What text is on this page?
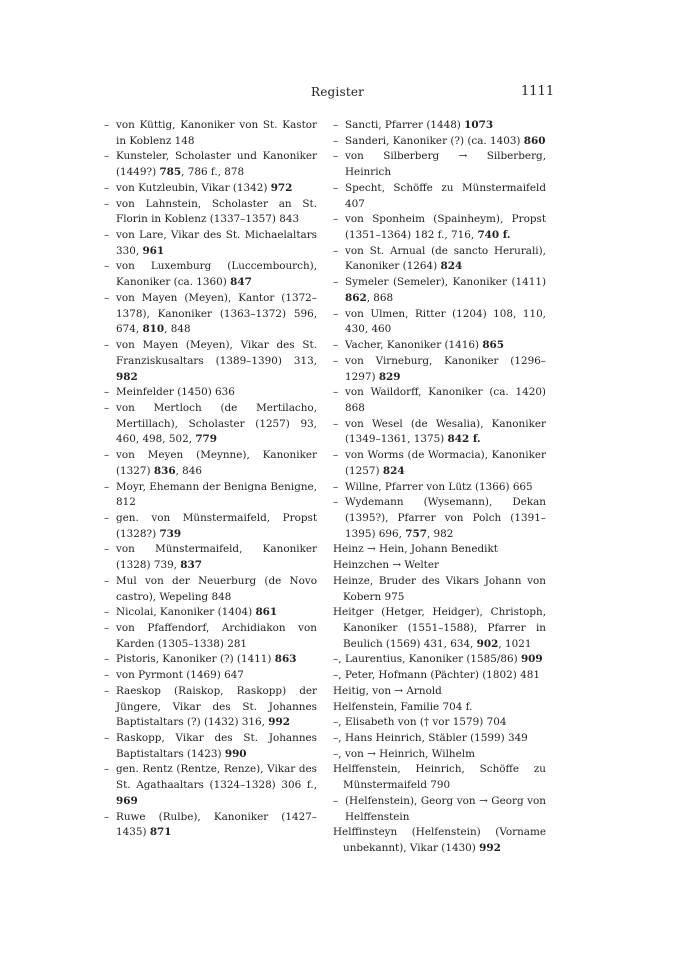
Register	1111
– von Küttig, Kanoniker von St. Kastor in Koblenz 148
– Kunsteler, Scholaster und Kanoniker (1449?) 785, 786 f., 878
– von Kutzleubin, Vikar (1342) 972
– von Lahnstein, Scholaster an St. Florin in Koblenz (1337–1357) 843
– von Lare, Vikar des St. Michaelaltars 330, 961
– von Luxemburg (Luccembourch), Kanoniker (ca. 1360) 847
– von Mayen (Meyen), Kantor (1372–1378), Kanoniker (1363–1372) 596, 674, 810, 848
– von Mayen (Meyen), Vikar des St. Franziskusaltars (1389–1390) 313, 982
– Meinfelder (1450) 636
– von Mertloch (de Mertilacho, Mertillach), Scholaster (1257) 93, 460, 498, 502, 779
– von Meyen (Meynne), Kanoniker (1327) 836, 846
– Moyr, Ehemann der Benigna Benigne, 812
– gen. von Münstermaifeld, Propst (1328?) 739
– von Münstermaifeld, Kanoniker (1328) 739, 837
– Mul von der Neuerburg (de Novo castro), Wepeling 848
– Nicolai, Kanoniker (1404) 861
– von Pfaffendorf, Archidiakon von Karden (1305–1338) 281
– Pistoris, Kanoniker (?) (1411) 863
– von Pyrmont (1469) 647
– Raeskop (Raiskop, Raskopp) der Jüngere, Vikar des St. Johannes Baptistaltars (?) (1432) 316, 992
– Raskopp, Vikar des St. Johannes Baptistaltars (1423) 990
– gen. Rentz (Rentze, Renze), Vikar des St. Agathaaltars (1324–1328) 306 f., 969
– Ruwe (Rulbe), Kanoniker (1427–1435) 871
– Sancti, Pfarrer (1448) 1073
– Sanderi, Kanoniker (?) (ca. 1403) 860
– von Silberberg → Silberberg, Heinrich
– Specht, Schöffe zu Münstermaifeld 407
– von Sponheim (Spainheym), Propst (1351–1364) 182 f., 716, 740 f.
– von St. Arnual (de sancto Herurali), Kanoniker (1264) 824
– Symeler (Semeler), Kanoniker (1411) 862, 868
– von Ulmen, Ritter (1204) 108, 110, 430, 460
– Vacher, Kanoniker (1416) 865
– von Virneburg, Kanoniker (1296–1297) 829
– von Waildorff, Kanoniker (ca. 1420) 868
– von Wesel (de Wesalia), Kanoniker (1349–1361, 1375) 842 f.
– von Worms (de Wormacia), Kanoniker (1257) 824
– Willne, Pfarrer von Lütz (1366) 665
– Wydemann (Wysemann), Dekan (1395?), Pfarrer von Polch (1391–1395) 696, 757, 982
Heinz → Hein, Johann Benedikt
Heinzchen → Welter
Heinze, Bruder des Vikars Johann von Kobern 975
Heitger (Hetger, Heidger), Christoph, Kanoniker (1551–1588), Pfarrer in Beulich (1569) 431, 634, 902, 1021
–, Laurentius, Kanoniker (1585/86) 909
–, Peter, Hofmann (Pächter) (1802) 481
Heitig, von → Arnold
Helfenstein, Familie 704 f.
–, Elisabeth von († vor 1579) 704
–, Hans Heinrich, Stäbler (1599) 349
–, von → Heinrich, Wilhelm
Helffenstein, Heinrich, Schöffe zu Münstermaifeld 790
– (Helfenstein), Georg von → Georg von Helffenstein
Helffinsteyn (Helfenstein) (Vorname unbekannt), Vikar (1430) 992
